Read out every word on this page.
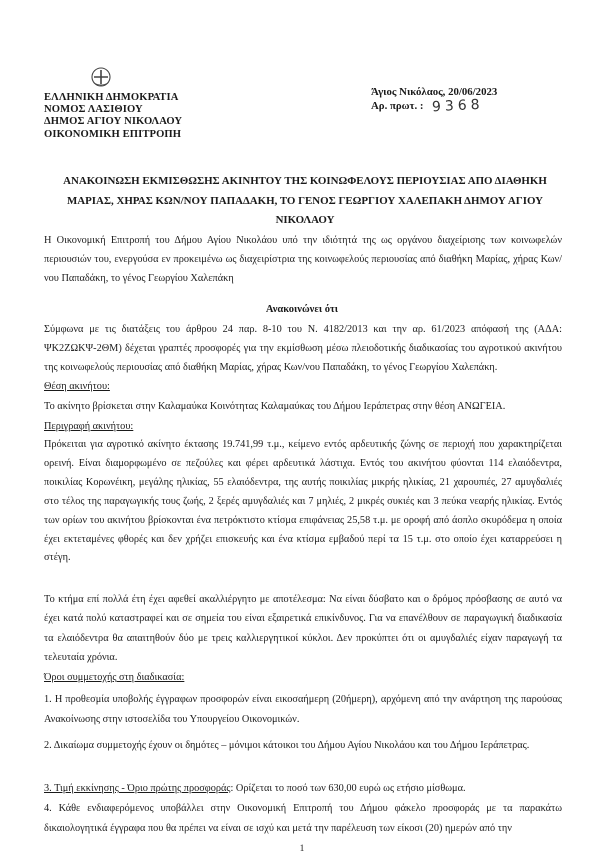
ΕΛΛΗΝΙΚΗ ΔΗΜΟΚΡΑΤΙΑ
ΝΟΜΟΣ ΛΑΣΙΘΙΟΥ
ΔΗΜΟΣ ΑΓΙΟΥ ΝΙΚΟΛΑΟΥ
ΟΙΚΟΝΟΜΙΚΗ ΕΠΙΤΡΟΠΗ
Άγιος Νικόλαος, 20/06/2023
Αρ. πρωτ. : 9368
ΑΝΑΚΟΙΝΩΣΗ ΕΚΜΙΣΘΩΣΗΣ ΑΚΙΝΗΤΟΥ ΤΗΣ ΚΟΙΝΩΦΕΛΟΥΣ ΠΕΡΙΟΥΣΙΑΣ ΑΠΟ ΔΙΑΘΗΚΗ
ΜΑΡΙΑΣ, ΧΗΡΑΣ ΚΩΝ/ΝΟΥ ΠΑΠΑΔΑΚΗ, ΤΟ ΓΕΝΟΣ ΓΕΩΡΓΙΟΥ ΧΑΛΕΠΑΚΗ ΔΗΜΟΥ ΑΓΙΟΥ
ΝΙΚΟΛΑΟΥ
Η Οικονομική Επιτροπή του Δήμου Αγίου Νικολάου υπό την ιδιότητά της ως οργάνου διαχείρισης των κοινωφελών περιουσιών του, ενεργούσα εν προκειμένω ως διαχειρίστρια της κοινωφελούς περιουσίας από διαθήκη Μαρίας, χήρας Κων/νου Παπαδάκη, το γένος Γεωργίου Χαλεπάκη
Ανακοινώνει ότι
Σύμφωνα με τις διατάξεις του άρθρου 24 παρ. 8-10 του Ν. 4182/2013 και την αρ. 61/2023 απόφασή της (ΑΔΑ: ΨΚ2ΖΩΚΨ-2ΘΜ) δέχεται γραπτές προσφορές για την εκμίσθωση μέσω πλειοδοτικής διαδικασίας του αγροτικού ακινήτου της κοινωφελούς περιουσίας από διαθήκη Μαρίας, χήρας Κων/νου Παπαδάκη, το γένος Γεωργίου Χαλεπάκη.
Θέση ακινήτου:
Το ακίνητο βρίσκεται στην Καλαμαύκα Κοινότητας Καλαμαύκας του Δήμου Ιεράπετρας στην θέση ΑΝΩΓΕΙΑ.
Περιγραφή ακινήτου:
Πρόκειται για αγροτικό ακίνητο έκτασης 19.741,99 τ.μ., κείμενο εντός αρδευτικής ζώνης σε περιοχή που χαρακτηρίζεται ορεινή. Είναι διαμορφωμένο σε πεζούλες και φέρει αρδευτικά λάστιχα. Εντός του ακινήτου φύονται 114 ελαιόδεντρα, ποικιλίας Κορωνέικη, μεγάλης ηλικίας, 55 ελαιόδεντρα, της αυτής ποικιλίας μικρής ηλικίας, 21 χαρουπιές, 27 αμυγδαλιές στο τέλος της παραγωγικής τους ζωής, 2 ξερές αμυγδαλιές και 7 μηλιές, 2 μικρές συκιές και 3 πεύκα νεαρής ηλικίας. Εντός των ορίων του ακινήτου βρίσκονται ένα πετρόκτιστο κτίσμα επιφάνειας 25,58 τ.μ. με οροφή από άοπλο σκυρόδεμα η οποία έχει εκτεταμένες φθορές και δεν χρήζει επισκευής και ένα κτίσμα εμβαδού περί τα 15 τ.μ. στο οποίο έχει καταρρεύσει η στέγη.
Το κτήμα επί πολλά έτη έχει αφεθεί ακαλλιέργητο με αποτέλεσμα: Να είναι δύσβατο και ο δρόμος πρόσβασης σε αυτό να έχει κατά πολύ καταστραφεί και σε σημεία του είναι εξαιρετικά επικίνδυνος. Για να επανέλθουν σε παραγωγική διαδικασία τα ελαιόδεντρα θα απαιτηθούν δύο με τρεις καλλιεργητικοί κύκλοι. Δεν προκύπτει ότι οι αμυγδαλιές είχαν παραγωγή τα τελευταία χρόνια.
Όροι συμμετοχής στη διαδικασία:
1. Η προθεσμία υποβολής έγγραφων προσφορών είναι εικοσαήμερη (20ήμερη), αρχόμενη από την ανάρτηση της παρούσας Ανακοίνωσης στην ιστοσελίδα του Υπουργείου Οικονομικών.
2. Δικαίωμα συμμετοχής έχουν οι δημότες – μόνιμοι κάτοικοι του Δήμου Αγίου Νικολάου και του Δήμου Ιεράπετρας.
3. Τιμή εκκίνησης - Όριο πρώτης προσφοράς: Ορίζεται το ποσό των 630,00 ευρώ ως ετήσιο μίσθωμα.
4. Κάθε ενδιαφερόμενος υποβάλλει στην Οικονομική Επιτροπή του Δήμου φάκελο προσφοράς με τα παρακάτω δικαιολογητικά έγγραφα που θα πρέπει να είναι σε ισχύ και μετά την παρέλευση των είκοσι (20) ημερών από την
1
